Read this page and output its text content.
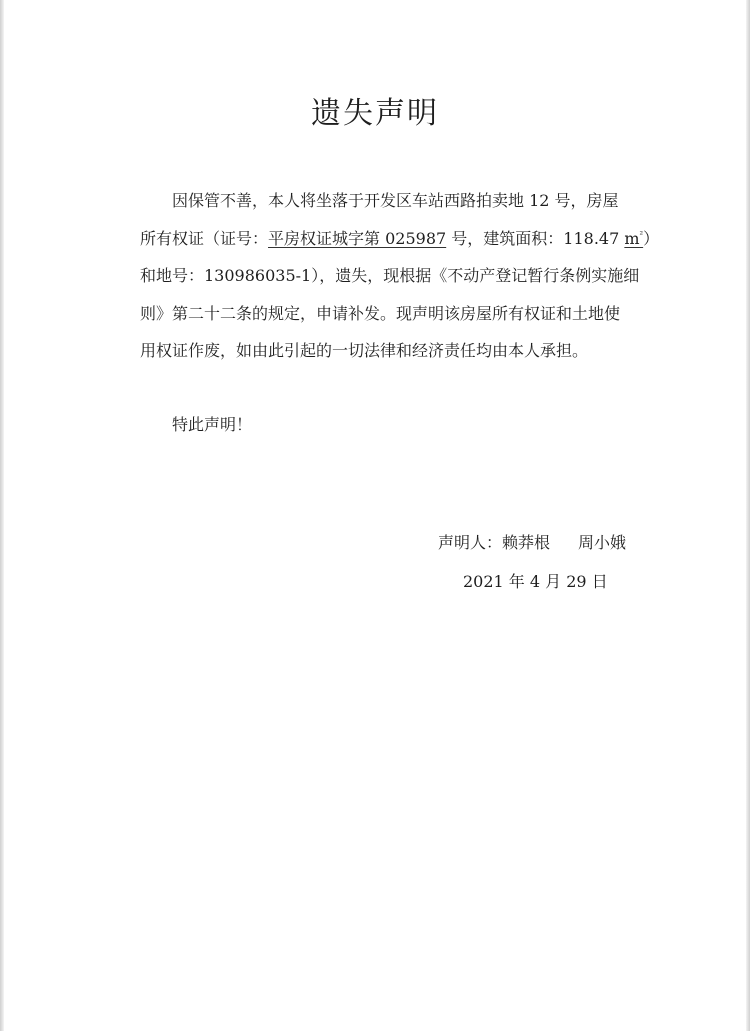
遗失声明
因保管不善，本人将坐落于开发区车站西路拍卖地 12 号，房屋
所有权证（证号：平房权证城字第 025987 号，建筑面积：118.47 $m^{^2}$）
和地号：130986035-1），遗失，现根据《不动产登记暂行条例实施细
则》第二十二条的规定，申请补发。现声明该房屋所有权证和土地使
用权证作废，如由此引起的一切法律和经济责任均由本人承担。
特此声明！
声明人：赖莽根 周小娥
2021 年 4 月 29 日
